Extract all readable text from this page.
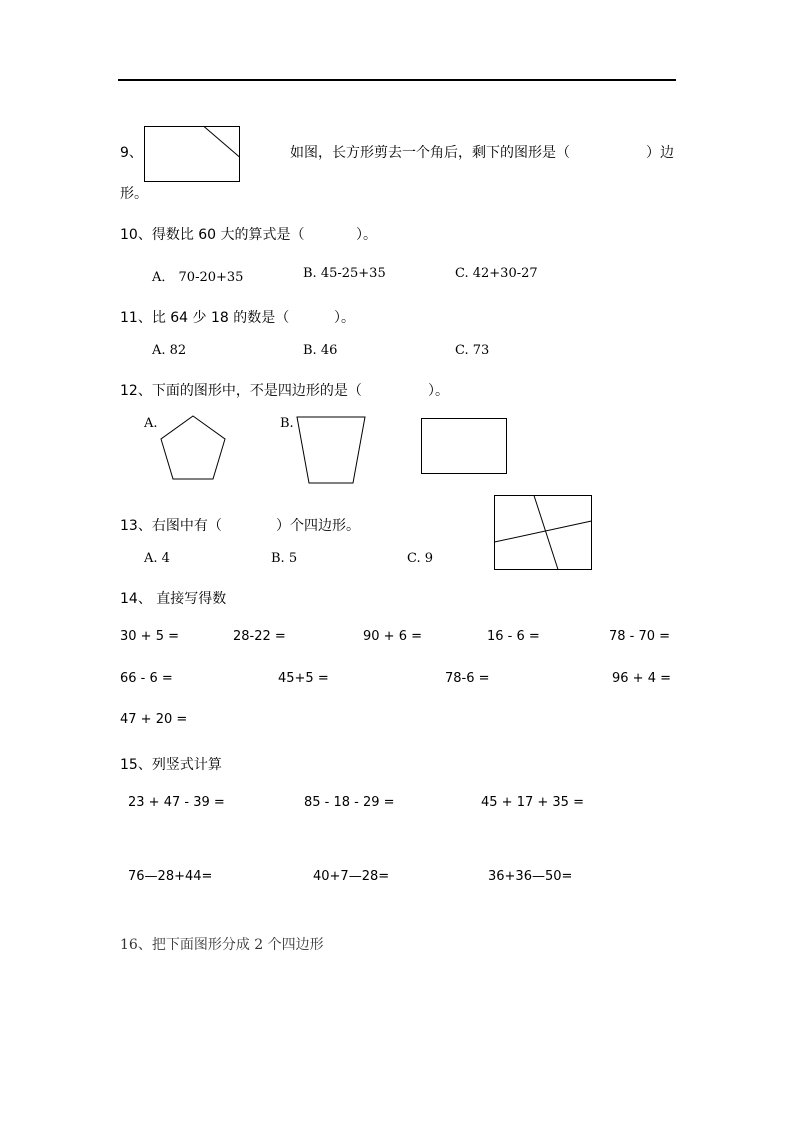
9、	如图，长方形剪去一个角后，剩下的图形是（	）边
形。
10、得数比 60 大的算式是（	）。
A． 70-20+35	B. 45-25+35	C. 42+30-27
11、比 64 少 18 的数是（	）。
A. 82	B. 46	C. 73
12、下面的图形中，不是四边形的是（	）。
A.	B.
13、右图中有（	）个四边形。
A. 4	B. 5	C. 9
14、 直接写得数
30 + 5 =	28-22 =	90 + 6 =	16 - 6 =	78 - 70 =
66 - 6 =	45+5 =	78-6 =	96 + 4 =
47 + 20 =
15、列竖式计算
23 + 47 - 39 =	85 - 18 - 29 =	45 + 17 + 35 =
76—28+44=	40+7—28=	36+36—50=
16、把下面图形分成 2 个四边形
